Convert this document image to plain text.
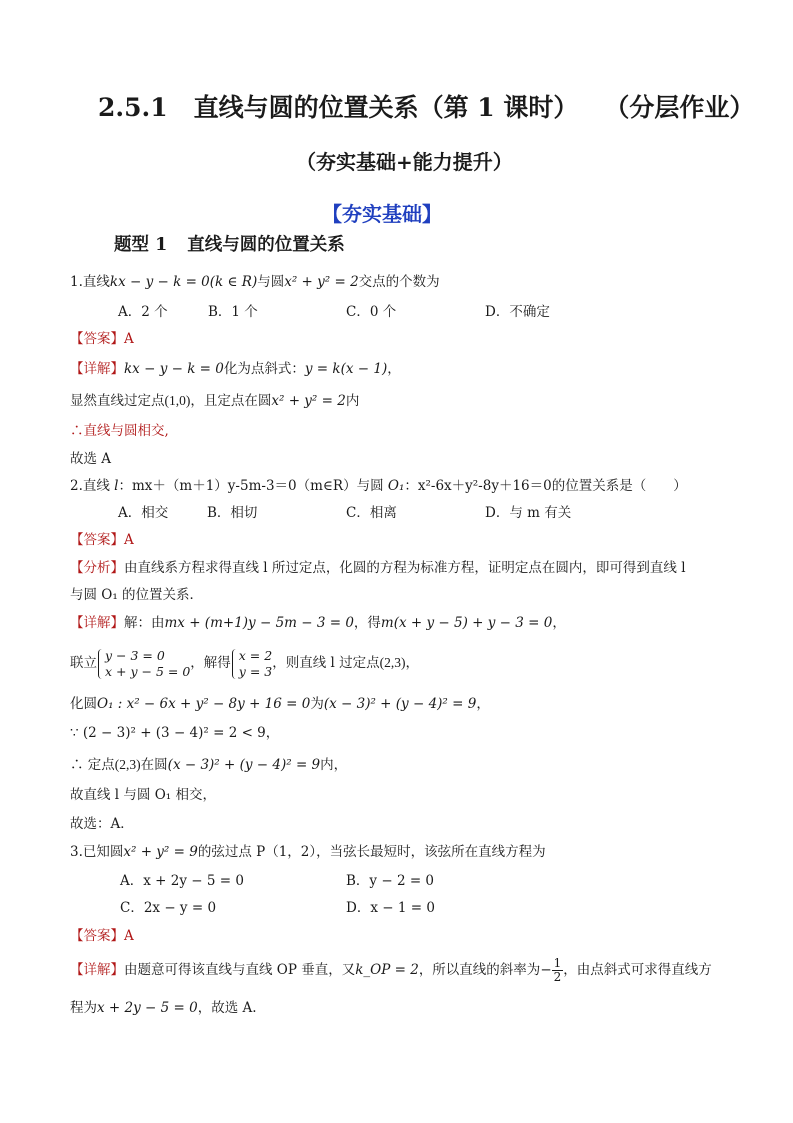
2.5.1 直线与圆的位置关系（第 1 课时） （分层作业）
（夯实基础+能力提升）
【夯实基础】
题型 1 直线与圆的位置关系
1.直线kx − y − k = 0(k ∈ R)与圆x² + y² = 2交点的个数为
A．2 个	B．1 个	C．0 个	D．不确定
【答案】A
【详解】kx − y − k = 0化为点斜式：y = k(x − 1)，
显然直线过定点(1,0)，且定点在圆x² + y² = 2内
∴直线与圆相交,
故选 A
2.直线 l：mx＋（m＋1）y-5m-3＝0（m∈R）与圆 O₁：x²-6x＋y²-8y＋16＝0的位置关系是（　　）
A．相交	B．相切	C．相离	D．与 m 有关
【答案】A
【分析】由直线系方程求得直线 l 所过定点，化圆的方程为标准方程，证明定点在圆内，即可得到直线 l
与圆 O₁ 的位置关系．
【详解】解：由mx + (m+1)y − 5m − 3 = 0，得m(x + y − 5) + y − 3 = 0，
联立 y − 3 = 0
x + y − 5 = 0 ，解得 x = 2
y = 3 ，则直线 l 过定点(2,3)，
化圆O₁ : x² − 6x + y² − 8y + 16 = 0为(x − 3)² + (y − 4)² = 9，
∵ (2 − 3)² + (3 − 4)² = 2 < 9，
∴ 定点(2,3)在圆(x − 3)² + (y − 4)² = 9内，
故直线 l 与圆 O₁ 相交，
故选：A．
3.已知圆x² + y² = 9的弦过点 P（1，2），当弦长最短时，该弦所在直线方程为
A．x + 2y − 5 = 0	B．y − 2 = 0
C．2x − y = 0	D．x − 1 = 0
【答案】A
【详解】由题意可得该直线与直线 OP 垂直，又k_OP = 2，所以直线的斜率为− $\frac{1}{2}$ ，由点斜式可求得直线方
程为x + 2y − 5 = 0，故选 A.
